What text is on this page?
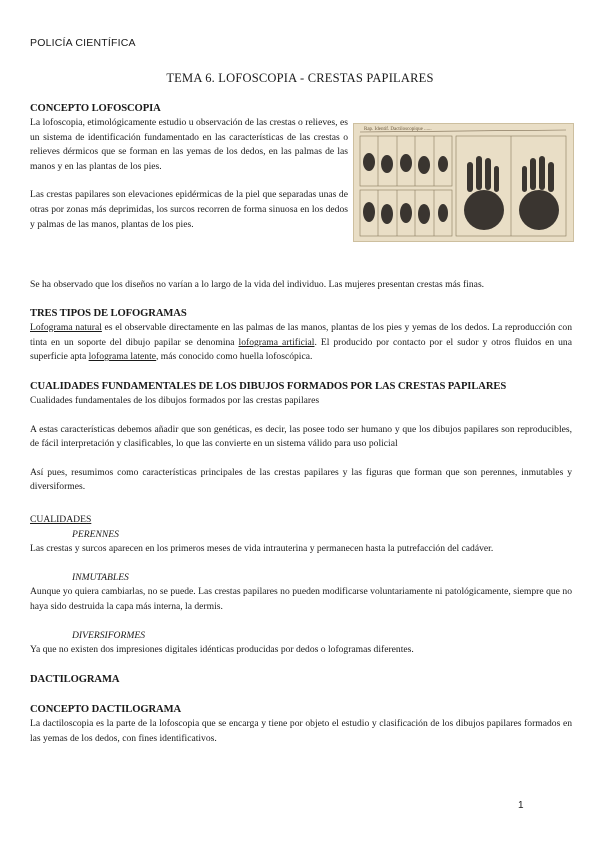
POLICÍA CIENTÍFICA
TEMA 6. LOFOSCOPIA - CRESTAS PAPILARES
Rap. Identif. Dactiloscopique ......
CONCEPTO LOFOSCOPIA

La lofoscopia, etimológicamente estudio u observación de las crestas o relieves, es un sistema de identificación fundamentado en las características de las crestas o relieves dérmicos que se forman en las yemas de los dedos, en las palmas de las manos y en las plantas de los pies.

Las crestas papilares son elevaciones epidérmicas de la piel que separadas unas de otras por zonas más deprimidas, los surcos recorren de forma sinuosa en los dedos y palmas de las manos, plantas de los pies.

Se ha observado que los diseños no varían a lo largo de la vida del individuo. Las mujeres presentan crestas más finas.

TRES TIPOS DE LOFOGRAMAS

Lofograma natural es el observable directamente en las palmas de las manos, plantas de los pies y yemas de los dedos. La reproducción con tinta en un soporte del dibujo papilar se denomina lofograma artificial. El producido por contacto por el sudor y otros fluidos en una superficie apta lofograma latente, más conocido como huella lofoscópica.

CUALIDADES FUNDAMENTALES DE LOS DIBUJOS FORMADOS POR LAS CRESTAS PAPILARES

Cualidades fundamentales de los dibujos formados por las crestas papilares

A estas características debemos añadir que son genéticas, es decir, las posee todo ser humano y que los dibujos papilares son reproducibles, de fácil interpretación y clasificables, lo que las convierte en un sistema válido para uso policial

Así pues, resumimos como características principales de las crestas papilares y las figuras que forman que son perennes, inmutables y diversiformes.

CUALIDADES

PERENNES

Las crestas y surcos aparecen en los primeros meses de vida intrauterina y permanecen hasta la putrefacción del cadáver.

INMUTABLES

Aunque yo quiera cambiarlas, no se puede. Las crestas papilares no pueden modificarse voluntariamente ni patológicamente, siempre que no haya sido destruida la capa más interna, la dermis.

DIVERSIFORMES

Ya que no existen dos impresiones digitales idénticas producidas por dedos o lofogramas diferentes.

DACTILOGRAMA
CONCEPTO DACTILOGRAMA

La dactiloscopia es la parte de la lofoscopia que se encarga y tiene por objeto el estudio y clasificación de los dibujos papilares formados en las yemas de los dedos, con fines identificativos.

1
